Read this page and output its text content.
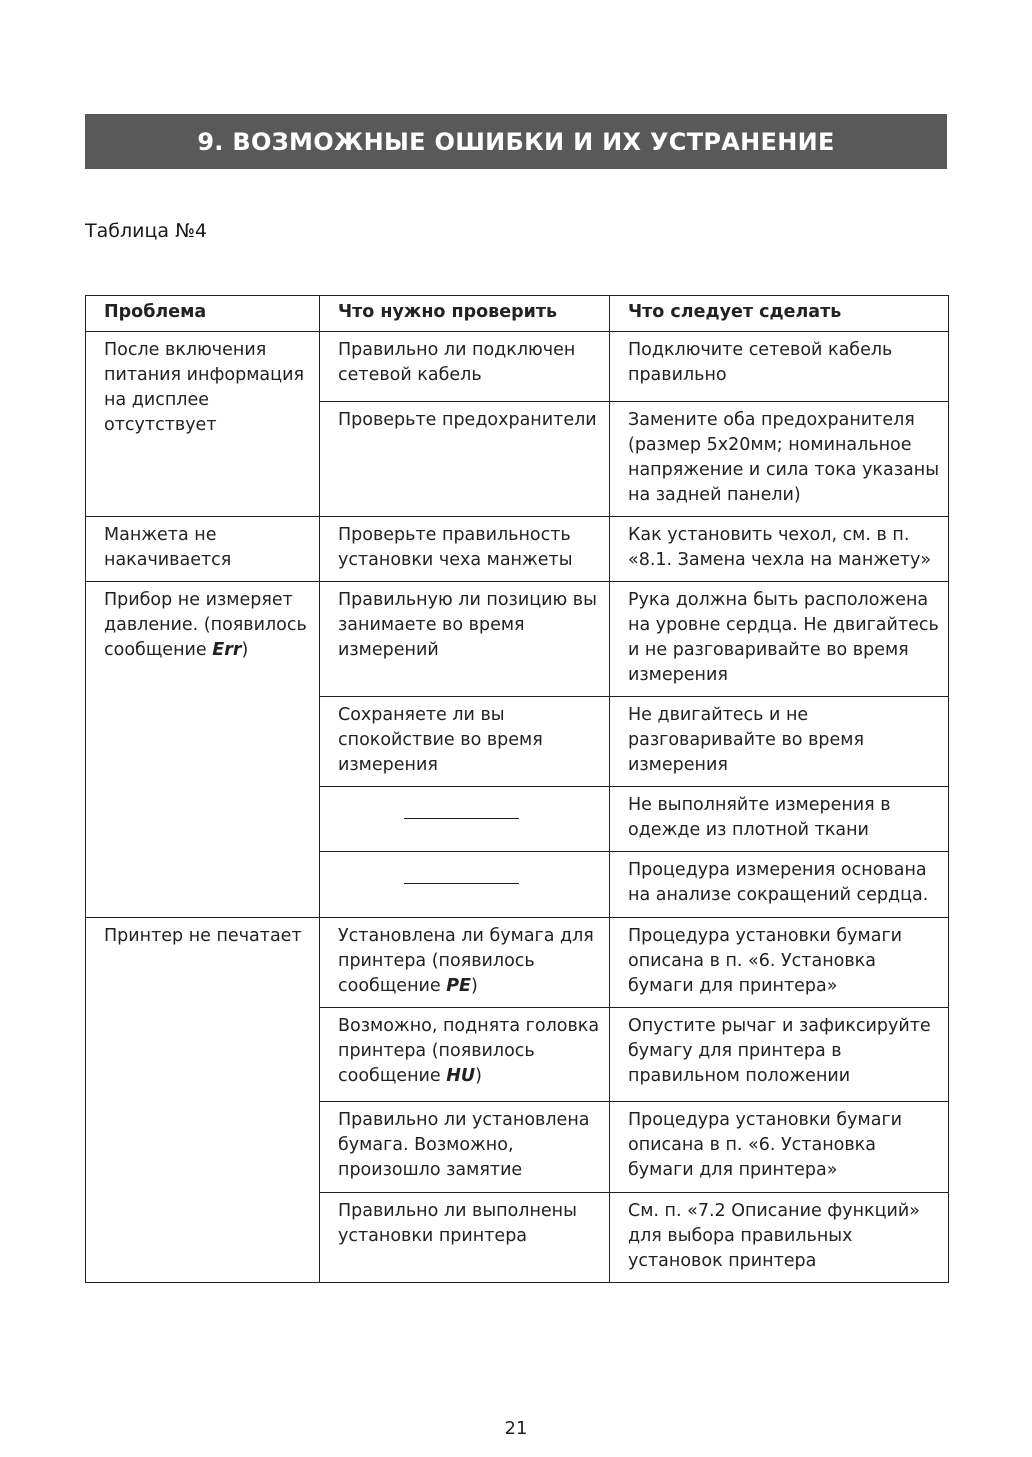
9. ВОЗМОЖНЫЕ ОШИБКИ И ИХ УСТРАНЕНИЕ
Таблица №4
Проблема	Что нужно проверить	Что следует сделать
После включения питания информация на дисплее отсутствует	Правильно ли подключен сетевой кабель	Подключите сетевой кабель правильно
	Проверьте предохранители	Замените оба предохранителя (размер 5x20мм; номинальное напряжение и сила тока указаны на задней панели)
Манжета не накачивается	Проверьте правильность установки чеха манжеты	Как установить чехол, см. в п. «8.1. Замена чехла на манжету»
Прибор не измеряет давление. (появилось сообщение Err)	Правильную ли позицию вы занимаете во время измерений	Рука должна быть расположена на уровне сердца. Не двигайтесь и не разговаривайте во время измерения
	Сохраняете ли вы спокойствие во время измерения	Не двигайтесь и не разговаривайте во время измерения

		Не выполняйте измерения в одежде из плотной ткани

		Процедура измерения основана на анализе сокращений сердца.
Принтер не печатает	Установлена ли бумага для принтера (появилось сообщение PE)	Процедура установки бумаги описана в п. «6. Установка бумаги для принтера»
	Возможно, поднята головка принтера (появилось сообщение HU)	Опустите рычаг и зафиксируйте бумагу для принтера в правильном положении
	Правильно ли установлена бумага. Возможно, произошло замятие	Процедура установки бумаги описана в п. «6. Установка бумаги для принтера»
	Правильно ли выполнены установки принтера	См. п. «7.2 Описание функций» для выбора правильных установок принтера
21
